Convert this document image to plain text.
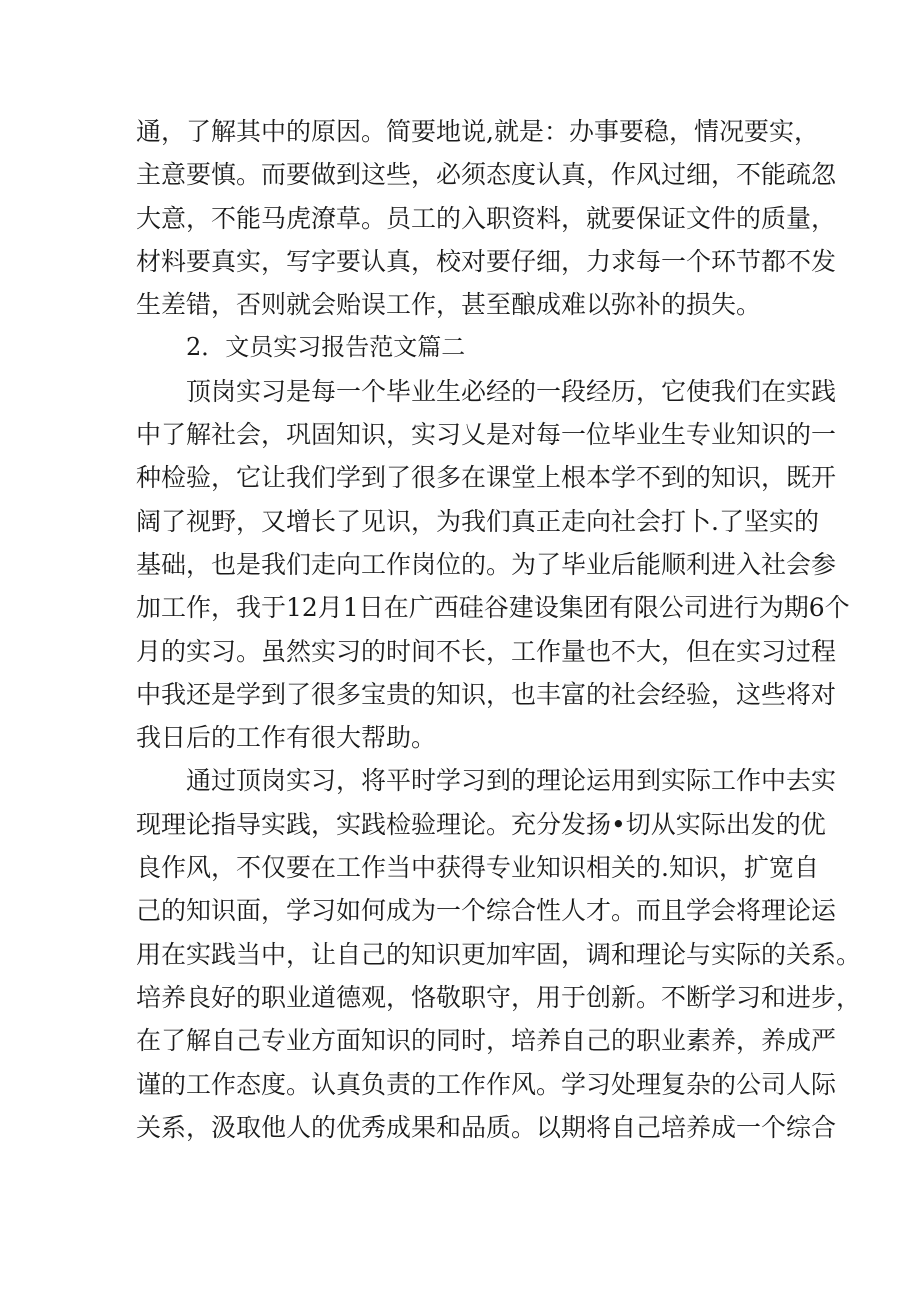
通，了解其中的原因。简要地说,就是：办事要稳，情况要实，
主意要慎。而要做到这些，必须态度认真，作风过细，不能疏忽
大意，不能马虎潦草。员工的入职资料，就要保证文件的质量，
材料要真实，写字要认真，校对要仔细，力求每一个环节都不发
生差错，否则就会贻误工作，甚至酿成难以弥补的损失。
2．文员实习报告范文篇二
顶岗实习是每一个毕业生必经的一段经历，它使我们在实践
中了解社会，巩固知识，实习乂是对每一位毕业生专业知识的一
种检验，它让我们学到了很多在课堂上根本学不到的知识，既开
阔了视野，又增长了见识，为我们真正走向社会打卜.了坚实的
基础，也是我们走向工作岗位的。为了毕业后能顺利进入社会参
加工作，我于12月1日在广西硅谷建设集团有限公司进行为期6个
月的实习。虽然实习的时间不长，工作量也不大，但在实习过程
中我还是学到了很多宝贵的知识，也丰富的社会经验，这些将对
我日后的工作有很大帮助。
通过顶岗实习，将平时学习到的理论运用到实际工作中去实
现理论指导实践，实践检验理论。充分发扬•切从实际出发的优
良作风，不仅要在工作当中获得专业知识相关的.知识，扩宽自
己的知识面，学习如何成为一个综合性人才。而且学会将理论运
用在实践当中，让自己的知识更加牢固，调和理论与实际的关系。
培养良好的职业道德观，恪敬职守，用于创新。不断学习和进步，
在了解自己专业方面知识的同时，培养自己的职业素养，养成严
谨的工作态度。认真负责的工作作风。学习处理复杂的公司人际
关系，汲取他人的优秀成果和品质。以期将自己培养成一个综合
